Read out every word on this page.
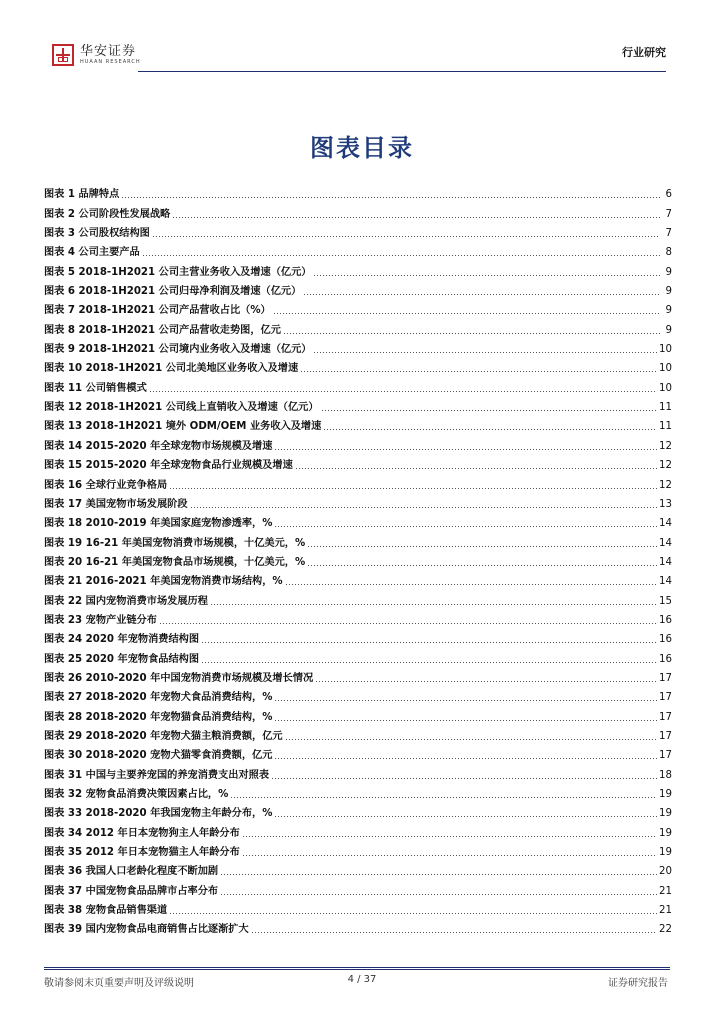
华安证券
HUAAN RESEARCH
行业研究
图表目录
图表 1 品牌特点	6
图表 2 公司阶段性发展战略	7
图表 3 公司股权结构图	7
图表 4 公司主要产品	8
图表 5 2018-1H2021 公司主营业务收入及增速（亿元）	9
图表 6 2018-1H2021 公司归母净利润及增速（亿元）	9
图表 7 2018-1H2021 公司产品营收占比（%）	9
图表 8 2018-1H2021 公司产品营收走势图，亿元	9
图表 9 2018-1H2021 公司境内业务收入及增速（亿元）	10
图表 10 2018-1H2021 公司北美地区业务收入及增速	10
图表 11 公司销售模式	10
图表 12 2018-1H2021 公司线上直销收入及增速（亿元）	11
图表 13 2018-1H2021 境外 ODM/OEM 业务收入及增速	11
图表 14 2015-2020 年全球宠物市场规模及增速	12
图表 15 2015-2020 年全球宠物食品行业规模及增速	12
图表 16 全球行业竞争格局	12
图表 17 美国宠物市场发展阶段	13
图表 18 2010-2019 年美国家庭宠物渗透率，%	14
图表 19 16-21 年美国宠物消费市场规模，十亿美元，%	14
图表 20 16-21 年美国宠物食品市场规模，十亿美元，%	14
图表 21 2016-2021 年美国宠物消费市场结构，%	14
图表 22 国内宠物消费市场发展历程	15
图表 23 宠物产业链分布	16
图表 24 2020 年宠物消费结构图	16
图表 25 2020 年宠物食品结构图	16
图表 26 2010-2020 年中国宠物消费市场规模及增长情况	17
图表 27 2018-2020 年宠物犬食品消费结构，%	17
图表 28 2018-2020 年宠物猫食品消费结构，%	17
图表 29 2018-2020 年宠物犬猫主粮消费额，亿元	17
图表 30 2018-2020 宠物犬猫零食消费额，亿元	17
图表 31 中国与主要养宠国的养宠消费支出对照表	18
图表 32 宠物食品消费决策因素占比，%	19
图表 33 2018-2020 年我国宠物主年龄分布，%	19
图表 34 2012 年日本宠物狗主人年龄分布	19
图表 35 2012 年日本宠物猫主人年龄分布	19
图表 36 我国人口老龄化程度不断加剧	20
图表 37 中国宠物食品品牌市占率分布	21
图表 38 宠物食品销售渠道	21
图表 39 国内宠物食品电商销售占比逐渐扩大	22
敬请参阅末页重要声明及评级说明	4 / 37	证券研究报告
